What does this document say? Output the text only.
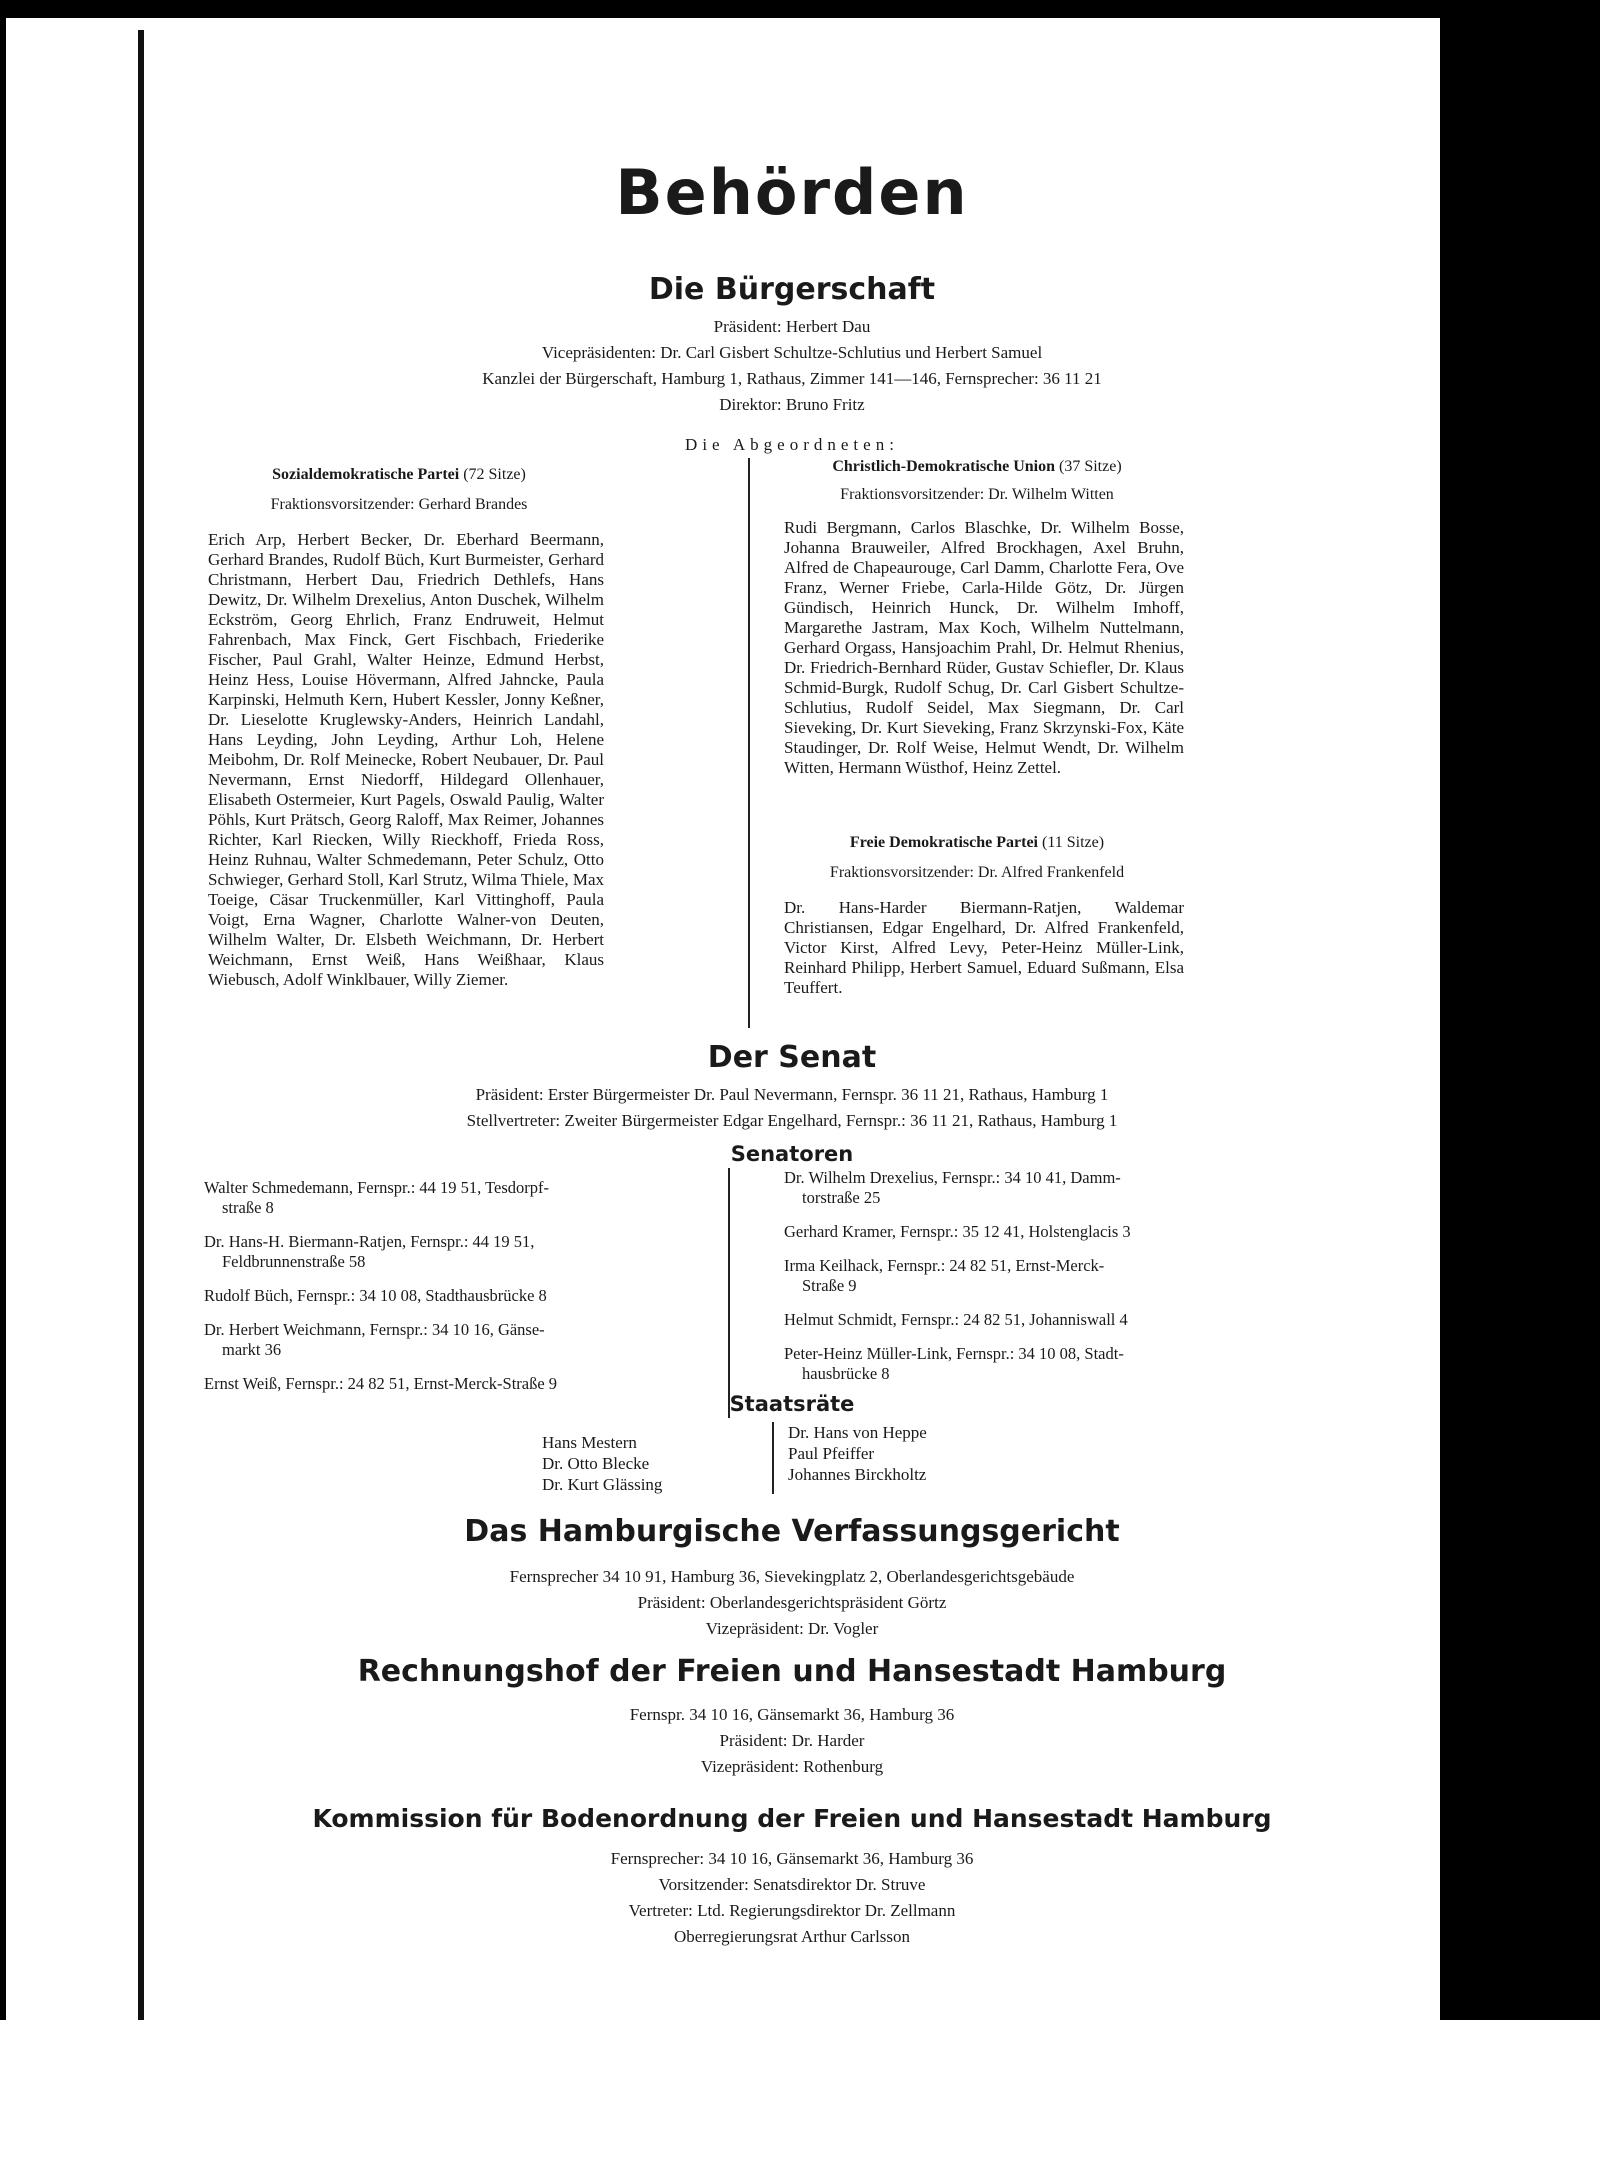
Behörden
Die Bürgerschaft
Präsident: Herbert Dau
Vicepräsidenten: Dr. Carl Gisbert Schultze-Schlutius und Herbert Samuel
Kanzlei der Bürgerschaft, Hamburg 1, Rathaus, Zimmer 141—146, Fernsprecher: 36 11 21
Direktor: Bruno Fritz
Die Abgeordneten:
Sozialdemokratische Partei (72 Sitze)
Fraktionsvorsitzender: Gerhard Brandes
Erich Arp, Herbert Becker, Dr. Eberhard Beermann, Gerhard Brandes, Rudolf Büch, Kurt Burmeister, Gerhard Christmann, Herbert Dau, Friedrich Dethlefs, Hans Dewitz, Dr. Wilhelm Drexelius, Anton Duschek, Wilhelm Eckström, Georg Ehrlich, Franz Endruweit, Helmut Fahrenbach, Max Finck, Gert Fischbach, Friederike Fischer, Paul Grahl, Walter Heinze, Edmund Herbst, Heinz Hess, Louise Hövermann, Alfred Jahncke, Paula Karpinski, Helmuth Kern, Hubert Kessler, Jonny Keßner, Dr. Lieselotte Kruglewsky-Anders, Heinrich Landahl, Hans Leyding, John Leyding, Arthur Loh, Helene Meibohm, Dr. Rolf Meinecke, Robert Neubauer, Dr. Paul Nevermann, Ernst Niedorff, Hildegard Ollenhauer, Elisabeth Ostermeier, Kurt Pagels, Oswald Paulig, Walter Pöhls, Kurt Prätsch, Georg Raloff, Max Reimer, Johannes Richter, Karl Riecken, Willy Rieckhoff, Frieda Ross, Heinz Ruhnau, Walter Schmedemann, Peter Schulz, Otto Schwieger, Gerhard Stoll, Karl Strutz, Wilma Thiele, Max Toeige, Cäsar Truckenmüller, Karl Vittinghoff, Paula Voigt, Erna Wagner, Charlotte Walner-von Deuten, Wilhelm Walter, Dr. Elsbeth Weichmann, Dr. Herbert Weichmann, Ernst Weiß, Hans Weißhaar, Klaus Wiebusch, Adolf Winklbauer, Willy Ziemer.
Christlich-Demokratische Union (37 Sitze)
Fraktionsvorsitzender: Dr. Wilhelm Witten
Rudi Bergmann, Carlos Blaschke, Dr. Wilhelm Bosse, Johanna Brauweiler, Alfred Brockhagen, Axel Bruhn, Alfred de Chapeaurouge, Carl Damm, Charlotte Fera, Ove Franz, Werner Friebe, Carla-Hilde Götz, Dr. Jürgen Gündisch, Heinrich Hunck, Dr. Wilhelm Imhoff, Margarethe Jastram, Max Koch, Wilhelm Nuttelmann, Gerhard Orgass, Hansjoachim Prahl, Dr. Helmut Rhenius, Dr. Friedrich-Bernhard Rüder, Gustav Schiefler, Dr. Klaus Schmid-Burgk, Rudolf Schug, Dr. Carl Gisbert Schultze-Schlutius, Rudolf Seidel, Max Siegmann, Dr. Carl Sieveking, Dr. Kurt Sieveking, Franz Skrzynski-Fox, Käte Staudinger, Dr. Rolf Weise, Helmut Wendt, Dr. Wilhelm Witten, Hermann Wüsthof, Heinz Zettel.
Freie Demokratische Partei (11 Sitze)
Fraktionsvorsitzender: Dr. Alfred Frankenfeld
Dr. Hans-Harder Biermann-Ratjen, Waldemar Christiansen, Edgar Engelhard, Dr. Alfred Frankenfeld, Victor Kirst, Alfred Levy, Peter-Heinz Müller-Link, Reinhard Philipp, Herbert Samuel, Eduard Sußmann, Elsa Teuffert.
Der Senat
Präsident: Erster Bürgermeister Dr. Paul Nevermann, Fernspr. 36 11 21, Rathaus, Hamburg 1
Stellvertreter: Zweiter Bürgermeister Edgar Engelhard, Fernspr.: 36 11 21, Rathaus, Hamburg 1
Senatoren
Walter Schmedemann, Fernspr.: 44 19 51, Tesdorpf-
straße 8
Dr. Hans-H. Biermann-Ratjen, Fernspr.: 44 19 51,
Feldbrunnenstraße 58
Rudolf Büch, Fernspr.: 34 10 08, Stadthausbrücke 8
Dr. Herbert Weichmann, Fernspr.: 34 10 16, Gänse-
markt 36
Ernst Weiß, Fernspr.: 24 82 51, Ernst-Merck-Straße 9
Dr. Wilhelm Drexelius, Fernspr.: 34 10 41, Damm-
torstraße 25
Gerhard Kramer, Fernspr.: 35 12 41, Holstenglacis 3
Irma Keilhack, Fernspr.: 24 82 51, Ernst-Merck-
Straße 9
Helmut Schmidt, Fernspr.: 24 82 51, Johanniswall 4
Peter-Heinz Müller-Link, Fernspr.: 34 10 08, Stadt-
hausbrücke 8
Staatsräte
Hans Mestern
Dr. Otto Blecke
Dr. Kurt Glässing
Dr. Hans von Heppe
Paul Pfeiffer
Johannes Birckholtz
Das Hamburgische Verfassungsgericht
Fernsprecher 34 10 91, Hamburg 36, Sievekingplatz 2, Oberlandesgerichtsgebäude
Präsident: Oberlandesgerichtspräsident Görtz
Vizepräsident: Dr. Vogler
Rechnungshof der Freien und Hansestadt Hamburg
Fernspr. 34 10 16, Gänsemarkt 36, Hamburg 36
Präsident: Dr. Harder
Vizepräsident: Rothenburg
Kommission für Bodenordnung der Freien und Hansestadt Hamburg
Fernsprecher: 34 10 16, Gänsemarkt 36, Hamburg 36
Vorsitzender: Senatsdirektor Dr. Struve
Vertreter: Ltd. Regierungsdirektor Dr. Zellmann
Oberregierungsrat Arthur Carlsson
